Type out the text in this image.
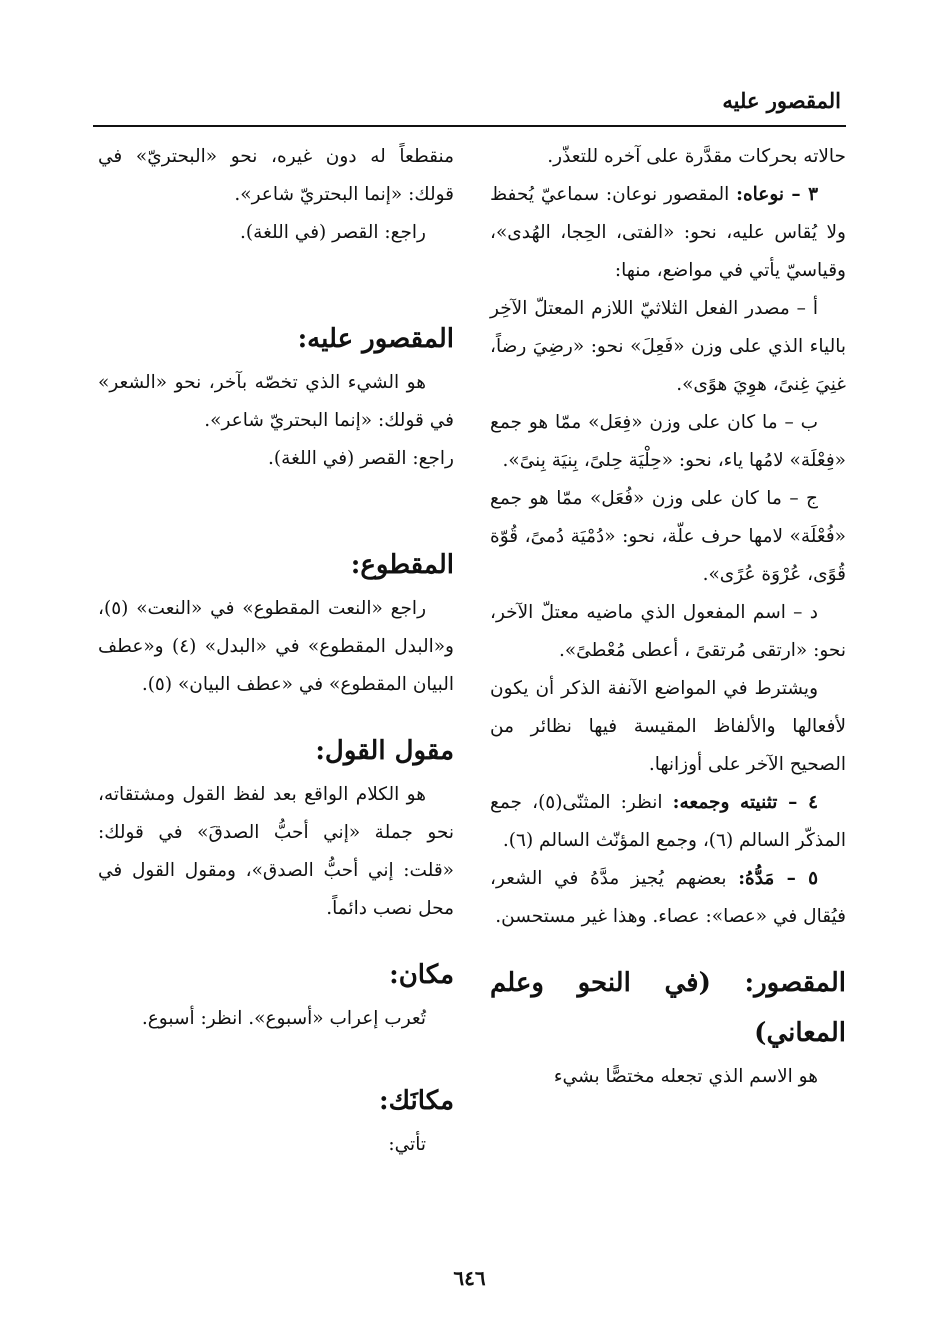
المقصور عليه

حالاته بحركات مقدَّرة على آخره للتعذّر.

٣ – نوعاه: المقصور نوعان: سماعيّ يُحفظ ولا يُقاس عليه، نحو: «الفتى، الحِجا، الهُدى»، وقياسيّ يأتي في مواضع، منها:

أ – مصدر الفعل الثلاثيّ اللازم المعتلّ الآخِر بالياء الذي على وزن «فَعِلَ» نحو: «رضِيَ رضاً، غنِيَ غِنىً، هوِيَ هوًى».

ب – ما كان على وزن «فِعَل» ممّا هو جمع «فِعْلَة» لامُها ياء، نحو: «حِلْيَة حِلىً، بِنيَة بِنىً».

ج – ما كان على وزن «فُعَل» ممّا هو جمع «فُعْلَة» لامها حرف علّة، نحو: «دُمْيَة دُمىً، قُوّة قُوًى، عُرْوَة عُرًى».

د – اسم المفعول الذي ماضيه معتلّ الآخر، نحو: «ارتقى مُرتقىً ، أعطى مُعْطىً».

ويشترط في المواضع الآنفة الذكر أن يكون لأفعالها والألفاظ المقيسة فيها نظائر من الصحيح الآخر على أوزانها.

٤ – تثنيته وجمعه: انظر: المثنّى(٥)، جمع المذكّر السالم (٦)، وجمع المؤنّث السالم (٦).

٥ – مَدُّهُ: بعضهم يُجيز مدَّهُ في الشعر، فيُقال في «عصا»: عصاء. وهذا غير مستحسن.

المقصور: (في النحو وعلم المعاني)

هو الاسم الذي تجعله مختصًّا بشيء

منقطعاً له دون غيره، نحو «البحتريّ» في قولك: «إنما البحتريّ شاعر».

راجع: القصر (في اللغة).

المقصور عليه:

هو الشيء الذي تخصّه بآخر، نحو «الشعر» في قولك: «إنما البحتريّ شاعر».

راجع: القصر (في اللغة).

المقطوع:

راجع «النعت المقطوع» في «النعت» (٥)، و«البدل المقطوع» في «البدل» (٤) و«عطف البيان المقطوع» في «عطف البيان» (٥).

مقول القول:

هو الكلام الواقع بعد لفظ القول ومشتقاته، نحو جملة «إني أحبُّ الصدقَ» في قولك: «قلت: إني أحبُّ الصدق»، ومقول القول في محل نصب دائماً.

مكان:

تُعرب إعراب «أسبوع». انظر: أسبوع.

مكانَك:

تأتي:

٦٤٦
